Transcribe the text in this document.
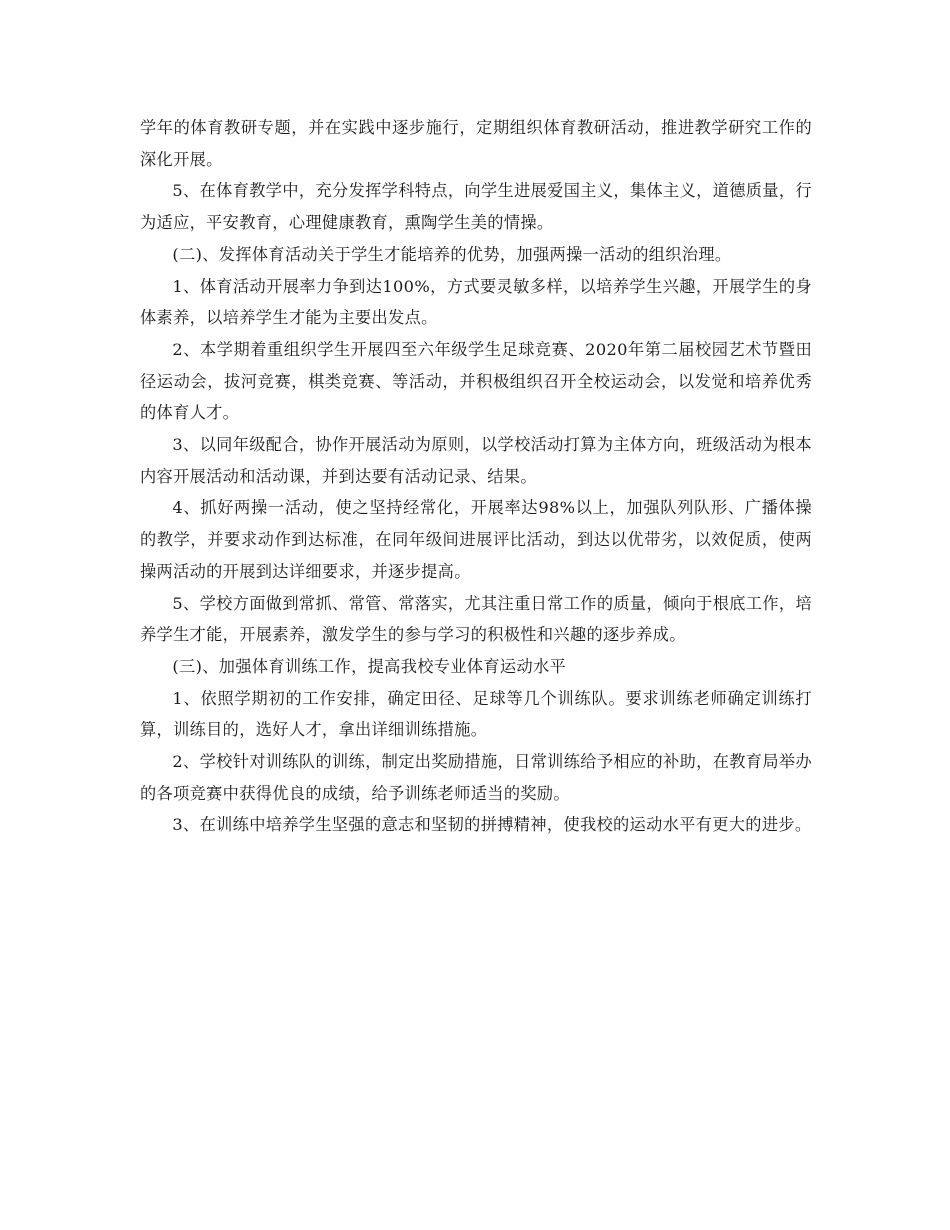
学年的体育教研专题，并在实践中逐步施行，定期组织体育教研活动，推进教学研究工作的深化开展。

5、在体育教学中，充分发挥学科特点，向学生进展爱国主义，集体主义，道德质量，行为适应，平安教育，心理健康教育，熏陶学生美的情操。

(二)、发挥体育活动关于学生才能培养的优势，加强两操一活动的组织治理。

1、体育活动开展率力争到达100%，方式要灵敏多样，以培养学生兴趣，开展学生的身体素养，以培养学生才能为主要出发点。

2、本学期着重组织学生开展四至六年级学生足球竞赛、2020年第二届校园艺术节暨田径运动会，拔河竞赛，棋类竞赛、等活动，并积极组织召开全校运动会，以发觉和培养优秀的体育人才。

3、以同年级配合，协作开展活动为原则，以学校活动打算为主体方向，班级活动为根本内容开展活动和活动课，并到达要有活动记录、结果。

4、抓好两操一活动，使之坚持经常化，开展率达98%以上，加强队列队形、广播体操的教学，并要求动作到达标准，在同年级间进展评比活动，到达以优带劣，以效促质，使两操两活动的开展到达详细要求，并逐步提高。

5、学校方面做到常抓、常管、常落实，尤其注重日常工作的质量，倾向于根底工作，培养学生才能，开展素养，激发学生的参与学习的积极性和兴趣的逐步养成。

(三)、加强体育训练工作，提高我校专业体育运动水平

1、依照学期初的工作安排，确定田径、足球等几个训练队。要求训练老师确定训练打算，训练目的，选好人才，拿出详细训练措施。

2、学校针对训练队的训练，制定出奖励措施，日常训练给予相应的补助，在教育局举办的各项竞赛中获得优良的成绩，给予训练老师适当的奖励。

3、在训练中培养学生坚强的意志和坚韧的拼搏精神，使我校的运动水平有更大的进步。
